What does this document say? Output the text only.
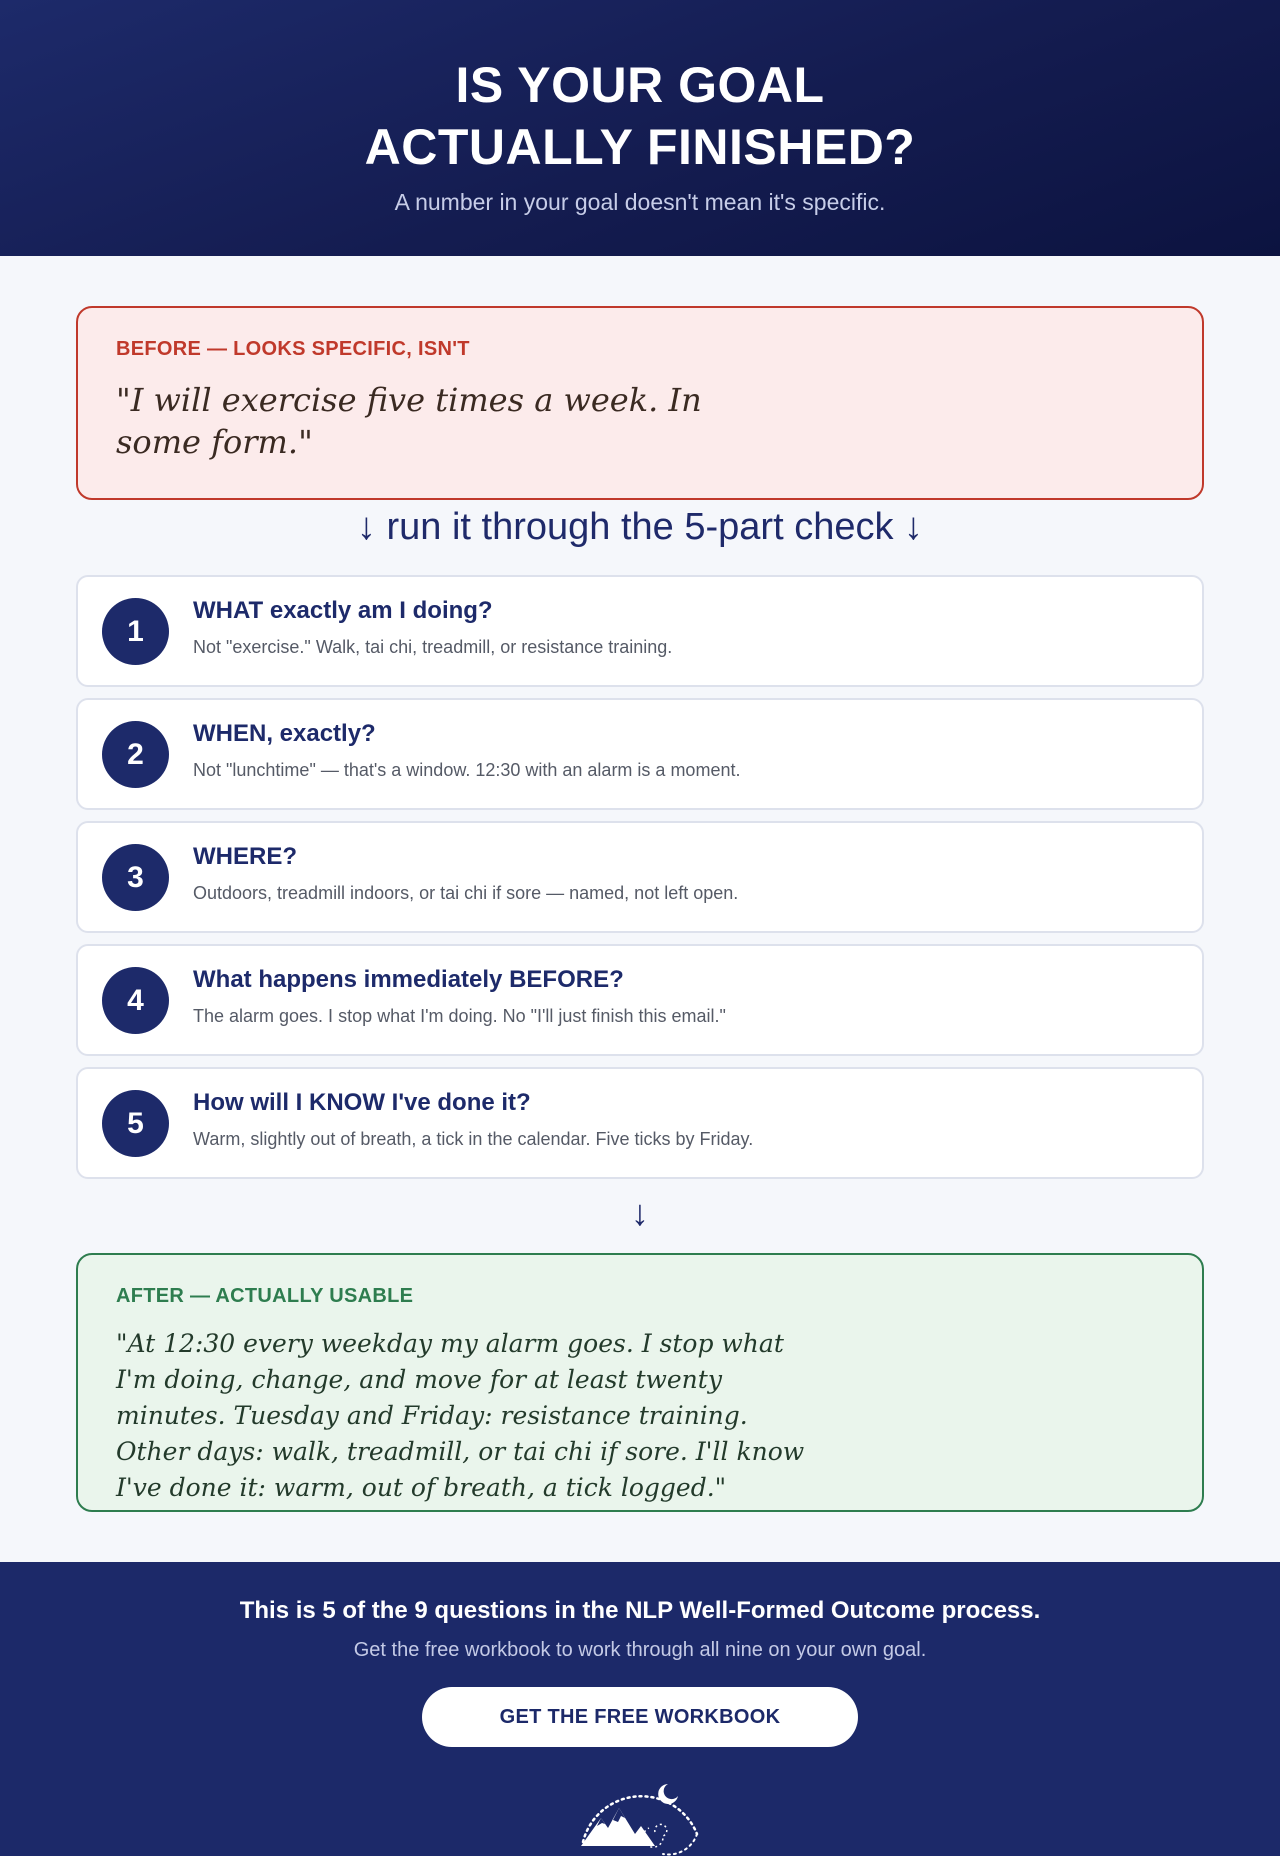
IS YOUR GOAL
ACTUALLY FINISHED?

A number in your goal doesn't mean it's specific.

BEFORE — LOOKS SPECIFIC, ISN'T

"I will exercise five times a week. In some form."

↓ run it through the 5-part check ↓
1
WHAT exactly am I doing?
Not "exercise." Walk, tai chi, treadmill, or resistance training.
2
WHEN, exactly?
Not "lunchtime" — that's a window. 12:30 with an alarm is a moment.
3
WHERE?
Outdoors, treadmill indoors, or tai chi if sore — named, not left open.
4
What happens immediately BEFORE?
The alarm goes. I stop what I'm doing. No "I'll just finish this email."
5
How will I KNOW I've done it?
Warm, slightly out of breath, a tick in the calendar. Five ticks by Friday.
↓
AFTER — ACTUALLY USABLE

"At 12:30 every weekday my alarm goes. I stop what I'm doing, change, and move for at least twenty minutes. Tuesday and Friday: resistance training. Other days: walk, treadmill, or tai chi if sore. I'll know I've done it: warm, out of breath, a tick logged."

This is 5 of the 9 questions in the NLP Well-Formed Outcome process.
Get the free workbook to work through all nine on your own goal.
GET THE FREE WORKBOOK
